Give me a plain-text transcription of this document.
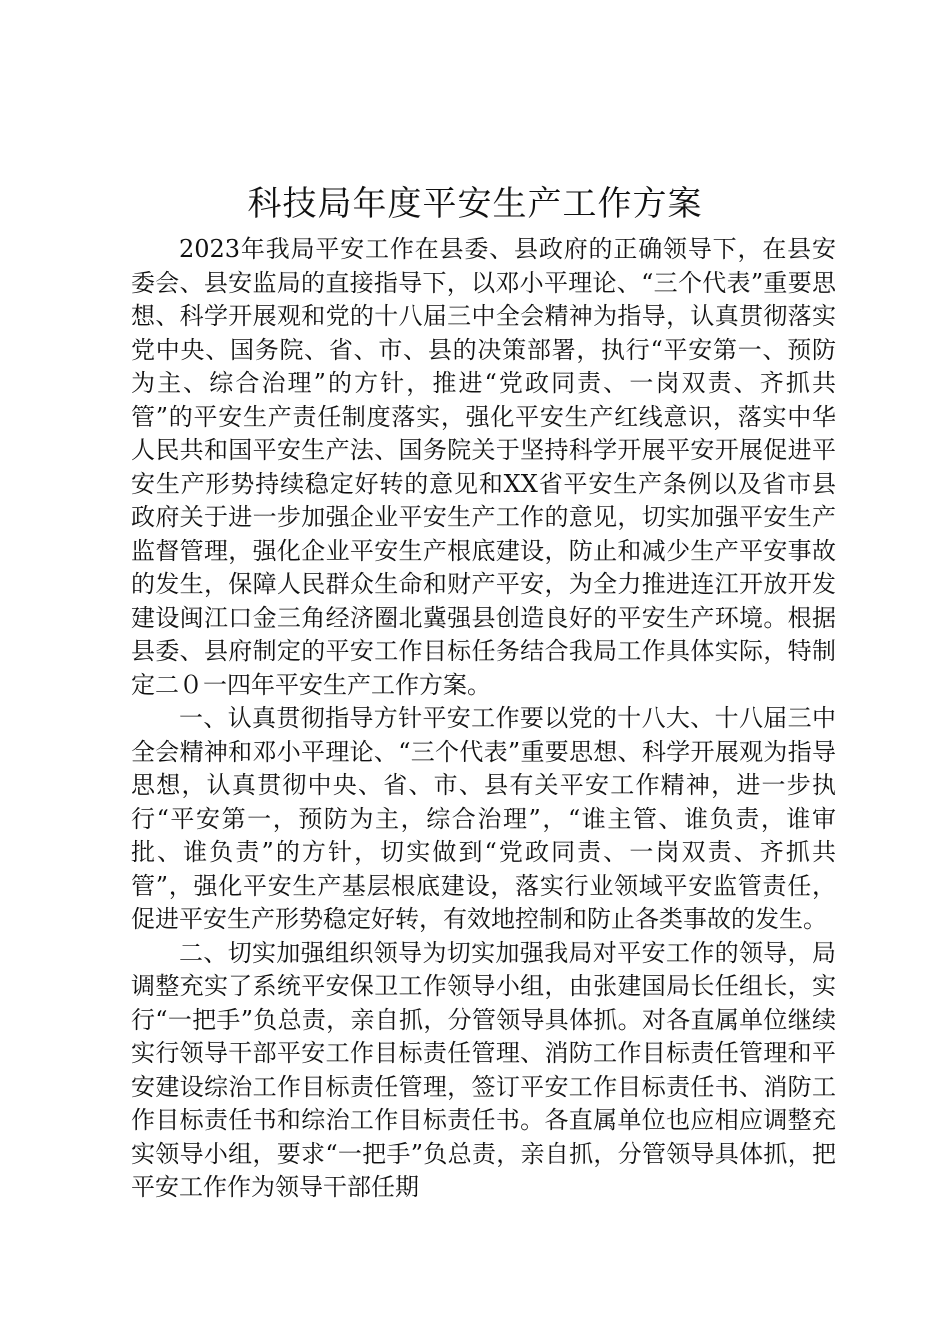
科技局年度平安生产工作方案

2023年我局平安工作在县委、县政府的正确领导下，在县安委会、县安监局的直接指导下，以邓小平理论、“三个代表”重要思想、科学开展观和党的十八届三中全会精神为指导，认真贯彻落实党中央、国务院、省、市、县的决策部署，执行“平安第一、预防为主、综合治理”的方针，推进“党政同责、一岗双责、齐抓共管”的平安生产责任制度落实，强化平安生产红线意识，落实中华人民共和国平安生产法、国务院关于坚持科学开展平安开展促进平安生产形势持续稳定好转的意见和XX省平安生产条例以及省市县政府关于进一步加强企业平安生产工作的意见，切实加强平安生产监督管理，强化企业平安生产根底建设，防止和减少生产平安事故的发生，保障人民群众生命和财产平安，为全力推进连江开放开发建设闽江口金三角经济圈北冀强县创造良好的平安生产环境。根据县委、县府制定的平安工作目标任务结合我局工作具体实际，特制定二０一四年平安生产工作方案。

一、认真贯彻指导方针平安工作要以党的十八大、十八届三中全会精神和邓小平理论、“三个代表”重要思想、科学开展观为指导思想，认真贯彻中央、省、市、县有关平安工作精神，进一步执行“平安第一，预防为主，综合治理”，“谁主管、谁负责，谁审批、谁负责”的方针，切实做到“党政同责、一岗双责、齐抓共管”，强化平安生产基层根底建设，落实行业领域平安监管责任，促进平安生产形势稳定好转，有效地控制和防止各类事故的发生。

二、切实加强组织领导为切实加强我局对平安工作的领导，局调整充实了系统平安保卫工作领导小组，由张建国局长任组长，实行“一把手”负总责，亲自抓，分管领导具体抓。对各直属单位继续实行领导干部平安工作目标责任管理、消防工作目标责任管理和平安建设综治工作目标责任管理，签订平安工作目标责任书、消防工作目标责任书和综治工作目标责任书。各直属单位也应相应调整充实领导小组，要求“一把手”负总责，亲自抓，分管领导具体抓，把平安工作作为领导干部任期
